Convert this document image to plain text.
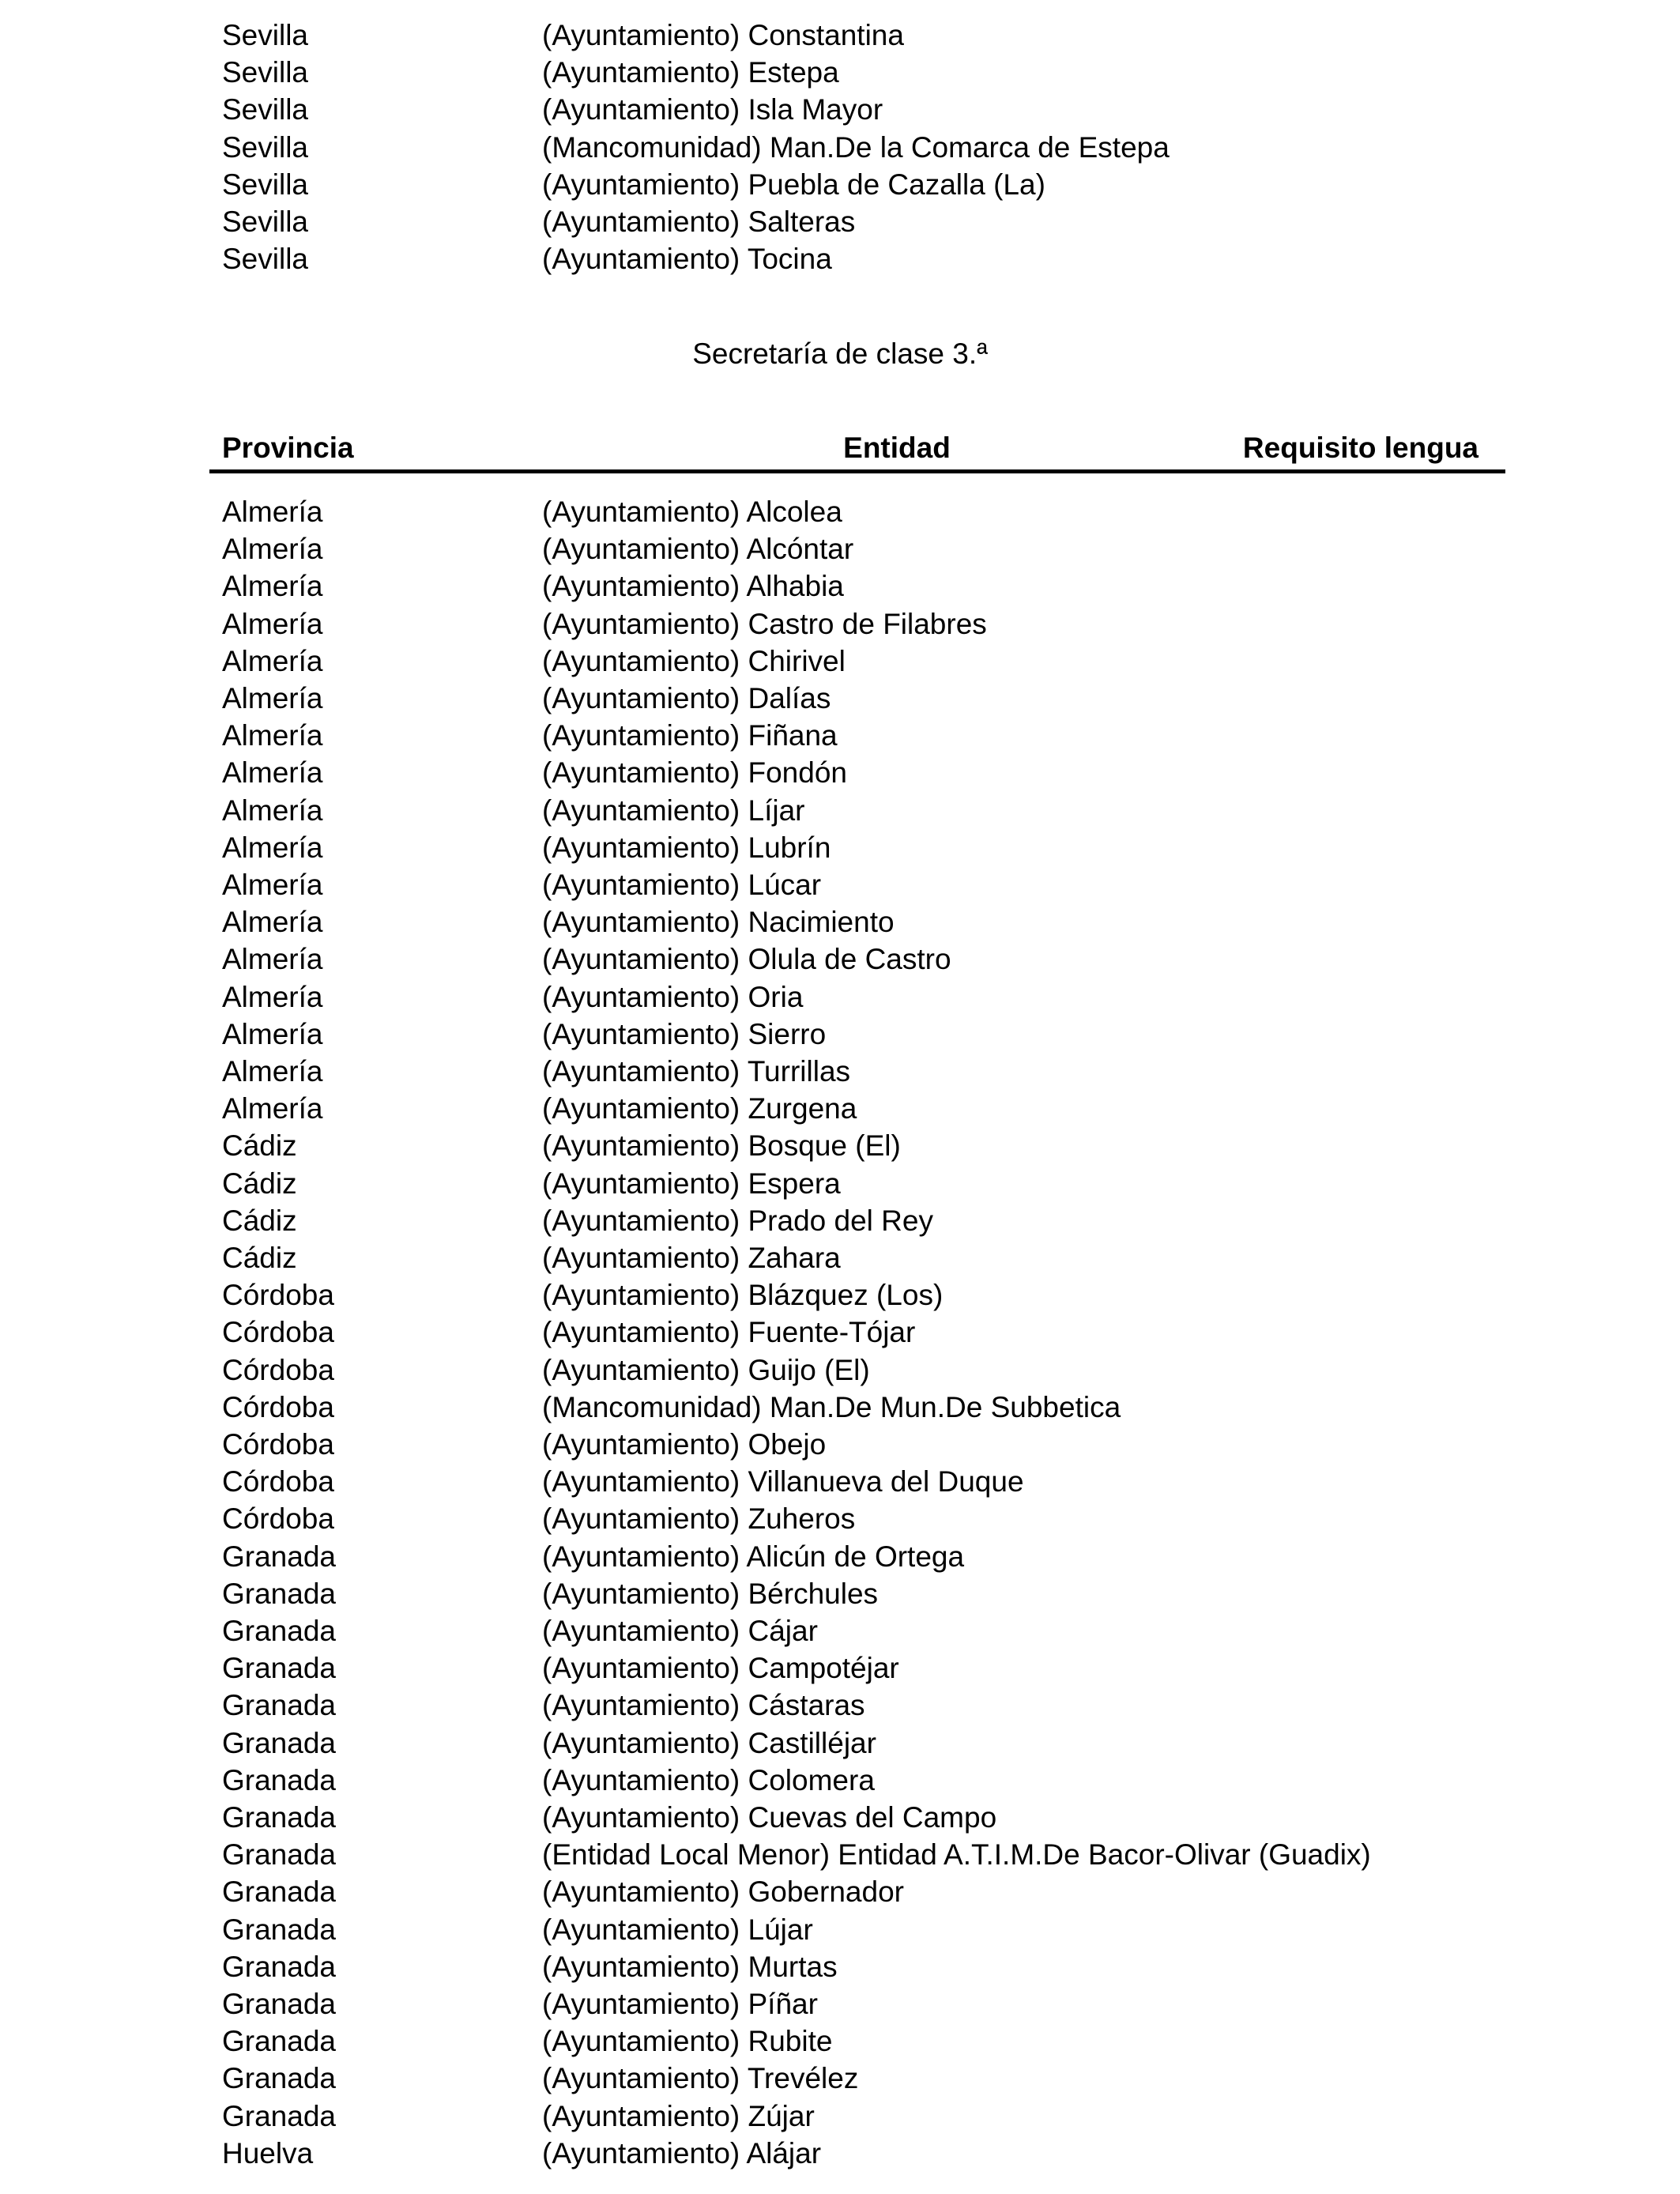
Sevilla	(Ayuntamiento) Constantina
Sevilla	(Ayuntamiento) Estepa
Sevilla	(Ayuntamiento) Isla Mayor
Sevilla	(Mancomunidad) Man.De la Comarca de Estepa
Sevilla	(Ayuntamiento) Puebla de Cazalla (La)
Sevilla	(Ayuntamiento) Salteras
Sevilla	(Ayuntamiento) Tocina
Secretaría de clase 3.ª
Provincia	Entidad	Requisito lengua
Almería	(Ayuntamiento) Alcolea
Almería	(Ayuntamiento) Alcóntar
Almería	(Ayuntamiento) Alhabia
Almería	(Ayuntamiento) Castro de Filabres
Almería	(Ayuntamiento) Chirivel
Almería	(Ayuntamiento) Dalías
Almería	(Ayuntamiento) Fiñana
Almería	(Ayuntamiento) Fondón
Almería	(Ayuntamiento) Líjar
Almería	(Ayuntamiento) Lubrín
Almería	(Ayuntamiento) Lúcar
Almería	(Ayuntamiento) Nacimiento
Almería	(Ayuntamiento) Olula de Castro
Almería	(Ayuntamiento) Oria
Almería	(Ayuntamiento) Sierro
Almería	(Ayuntamiento) Turrillas
Almería	(Ayuntamiento) Zurgena
Cádiz	(Ayuntamiento) Bosque (El)
Cádiz	(Ayuntamiento) Espera
Cádiz	(Ayuntamiento) Prado del Rey
Cádiz	(Ayuntamiento) Zahara
Córdoba	(Ayuntamiento) Blázquez (Los)
Córdoba	(Ayuntamiento) Fuente-Tójar
Córdoba	(Ayuntamiento) Guijo (El)
Córdoba	(Mancomunidad) Man.De Mun.De Subbetica
Córdoba	(Ayuntamiento) Obejo
Córdoba	(Ayuntamiento) Villanueva del Duque
Córdoba	(Ayuntamiento) Zuheros
Granada	(Ayuntamiento) Alicún de Ortega
Granada	(Ayuntamiento) Bérchules
Granada	(Ayuntamiento) Cájar
Granada	(Ayuntamiento) Campotéjar
Granada	(Ayuntamiento) Cástaras
Granada	(Ayuntamiento) Castilléjar
Granada	(Ayuntamiento) Colomera
Granada	(Ayuntamiento) Cuevas del Campo
Granada	(Entidad Local Menor) Entidad A.T.I.M.De Bacor-Olivar (Guadix)
Granada	(Ayuntamiento) Gobernador
Granada	(Ayuntamiento) Lújar
Granada	(Ayuntamiento) Murtas
Granada	(Ayuntamiento) Píñar
Granada	(Ayuntamiento) Rubite
Granada	(Ayuntamiento) Trevélez
Granada	(Ayuntamiento) Zújar
Huelva	(Ayuntamiento) Alájar
